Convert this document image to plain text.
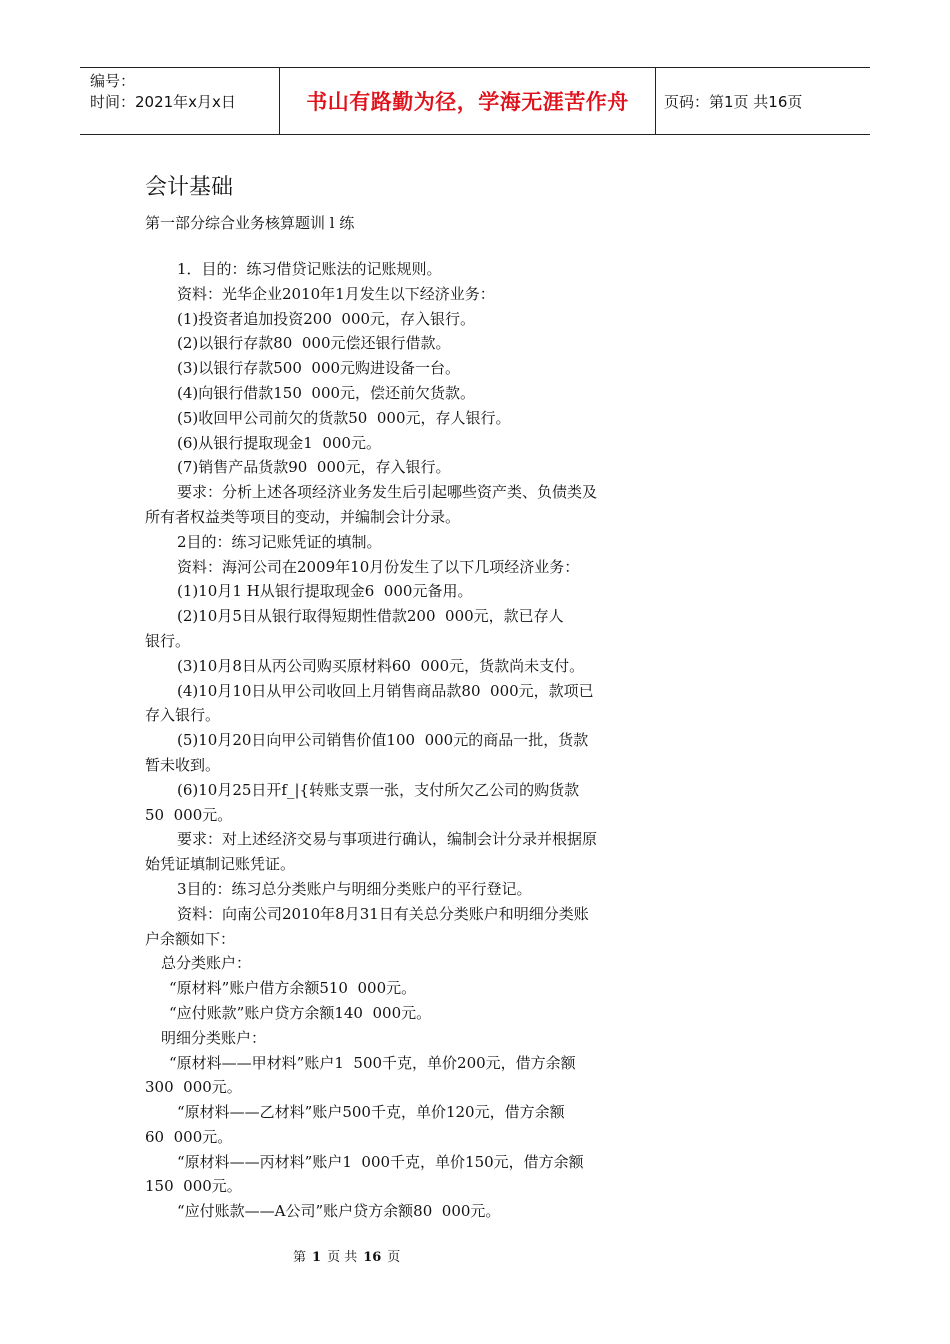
编号：
时间：2021年x月x日	书山有路勤为径，学海无涯苦作舟	页码：第1页 共16页
会计基础

第一部分综合业务核算题训 l 练

1．目的：练习借贷记账法的记账规则。
资料：光华企业2010年1月发生以下经济业务：
(1)投资者追加投资200  000元，存入银行。
(2)以银行存款80  000元偿还银行借款。
(3)以银行存款500  000元购进设备一台。
(4)向银行借款150  000元，偿还前欠货款。
(5)收回甲公司前欠的货款50  000元，存人银行。
(6)从银行提取现金1  000元。
(7)销售产品货款90  000元，存入银行。
要求：分析上述各项经济业务发生后引起哪些资产类、负债类及
所有者权益类等项目的变动，并编制会计分录。
2目的：练习记账凭证的填制。
资料：海河公司在2009年10月份发生了以下几项经济业务：
(1)10月1 H从银行提取现金6  000元备用。
(2)10月5日从银行取得短期性借款200  000元，款已存人
银行。
(3)10月8日从丙公司购买原材料60  000元，货款尚未支付。
(4)10月10日从甲公司收回上月销售商品款80  000元，款项已
存入银行。
(5)10月20日向甲公司销售价值100  000元的商品一批，货款
暂未收到。
(6)10月25日开f_|{转账支票一张，支付所欠乙公司的购货款
50  000元。
要求：对上述经济交易与事项进行确认，编制会计分录并根据原
始凭证填制记账凭证。
3目的：练习总分类账户与明细分类账户的平行登记。
资料：向南公司2010年8月31日有关总分类账户和明细分类账
户余额如下：
总分类账户：
“原材料”账户借方余额510  000元。
“应付账款”账户贷方余额140  000元。
明细分类账户：
“原材料——甲材料”账户1  500千克，单价200元，借方余额
300  000元。
“原材料——乙材料”账户500千克，单价120元，借方余额
60  000元。
“原材料——丙材料”账户1  000千克，单价150元，借方余额
150  000元。
“应付账款——A公司”账户贷方余额80  000元。
第 1 页 共 16 页
